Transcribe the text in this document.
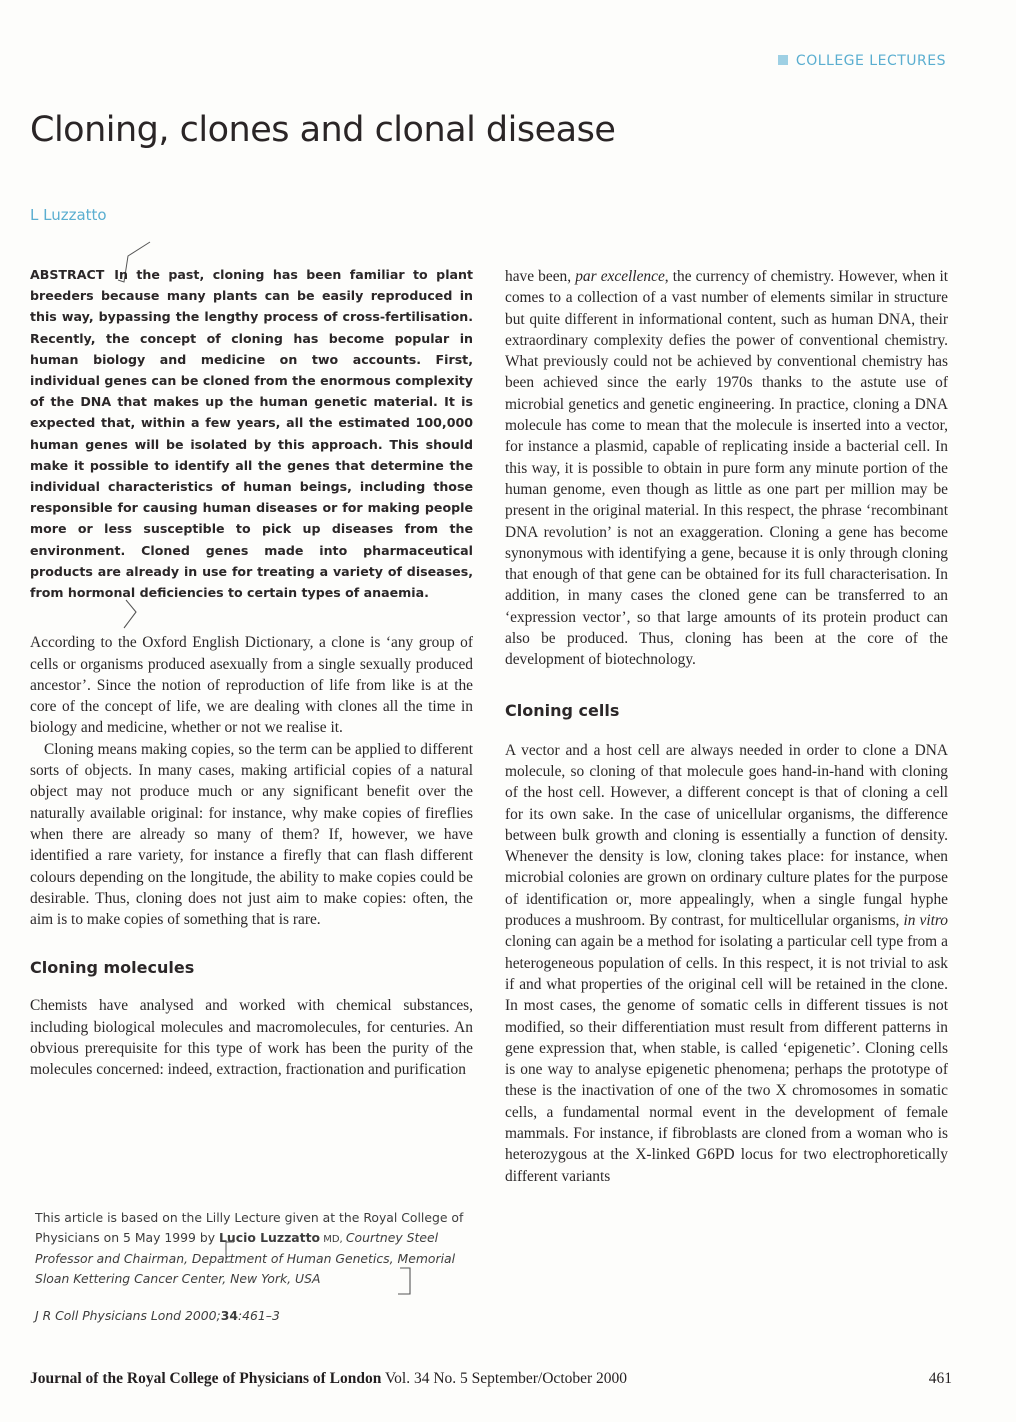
COLLEGE LECTURES
Cloning, clones and clonal disease
L Luzzatto

ABSTRACT In the past, cloning has been familiar to plant breeders because many plants can be easily reproduced in this way, bypassing the lengthy process of cross-fertilisation. Recently, the concept of cloning has become popular in human biology and medicine on two accounts. First, individual genes can be cloned from the enormous complexity of the DNA that makes up the human genetic material. It is expected that, within a few years, all the estimated 100,000 human genes will be isolated by this approach. This should make it possible to identify all the genes that determine the individual characteristics of human beings, including those responsible for causing human diseases or for making people more or less susceptible to pick up diseases from the environment. Cloned genes made into pharmaceutical products are already in use for treating a variety of diseases, from hormonal deficiencies to certain types of anaemia.

According to the Oxford English Dictionary, a clone is ‘any group of cells or organisms produced asexually from a single sexually produced ancestor’. Since the notion of reproduction of life from like is at the core of the concept of life, we are dealing with clones all the time in biology and medicine, whether or not we realise it.

Cloning means making copies, so the term can be applied to different sorts of objects. In many cases, making artificial copies of a natural object may not produce much or any significant benefit over the naturally available original: for instance, why make copies of fireflies when there are already so many of them? If, however, we have identified a rare variety, for instance a firefly that can flash different colours depending on the longitude, the ability to make copies could be desirable. Thus, cloning does not just aim to make copies: often, the aim is to make copies of something that is rare.

Cloning molecules

Chemists have analysed and worked with chemical substances, including biological molecules and macromolecules, for centuries. An obvious prerequisite for this type of work has been the purity of the molecules concerned: indeed, extraction, fractionation and purification

have been, par excellence, the currency of chemistry. However, when it comes to a collection of a vast number of elements similar in structure but quite different in informational content, such as human DNA, their extraordinary complexity defies the power of conventional chemistry. What previously could not be achieved by conventional chemistry has been achieved since the early 1970s thanks to the astute use of microbial genetics and genetic engineering. In practice, cloning a DNA molecule has come to mean that the molecule is inserted into a vector, for instance a plasmid, capable of replicating inside a bacterial cell. In this way, it is possible to obtain in pure form any minute portion of the human genome, even though as little as one part per million may be present in the original material. In this respect, the phrase ‘recombinant DNA revolution’ is not an exaggeration. Cloning a gene has become synonymous with identifying a gene, because it is only through cloning that enough of that gene can be obtained for its full characterisation. In addition, in many cases the cloned gene can be transferred to an ‘expression vector’, so that large amounts of its protein product can also be produced. Thus, cloning has been at the core of the development of biotechnology.

Cloning cells

A vector and a host cell are always needed in order to clone a DNA molecule, so cloning of that molecule goes hand-in-hand with cloning of the host cell. However, a different concept is that of cloning a cell for its own sake. In the case of unicellular organisms, the difference between bulk growth and cloning is essentially a function of density. Whenever the density is low, cloning takes place: for instance, when microbial colonies are grown on ordinary culture plates for the purpose of identification or, more appealingly, when a single fungal hyphe produces a mushroom. By contrast, for multicellular organisms, in vitro cloning can again be a method for isolating a particular cell type from a heterogeneous population of cells. In this respect, it is not trivial to ask if and what properties of the original cell will be retained in the clone. In most cases, the genome of somatic cells in different tissues is not modified, so their differentiation must result from different patterns in gene expression that, when stable, is called ‘epigenetic’. Cloning cells is one way to analyse epigenetic phenomena; perhaps the prototype of these is the inactivation of one of the two X chromosomes in somatic cells, a fundamental normal event in the development of female mammals. For instance, if fibroblasts are cloned from a woman who is heterozygous at the X-linked G6PD locus for two electrophoretically different variants

This article is based on the Lilly Lecture given at the Royal College of Physicians on 5 May 1999 by Lucio Luzzatto MD, Courtney Steel Professor and Chairman, Department of Human Genetics, Memorial Sloan Kettering Cancer Center, New York, USA
J R Coll Physicians Lond 2000;34:461–3
Journal of the Royal College of Physicians of London Vol. 34 No. 5 September/October 2000	461
